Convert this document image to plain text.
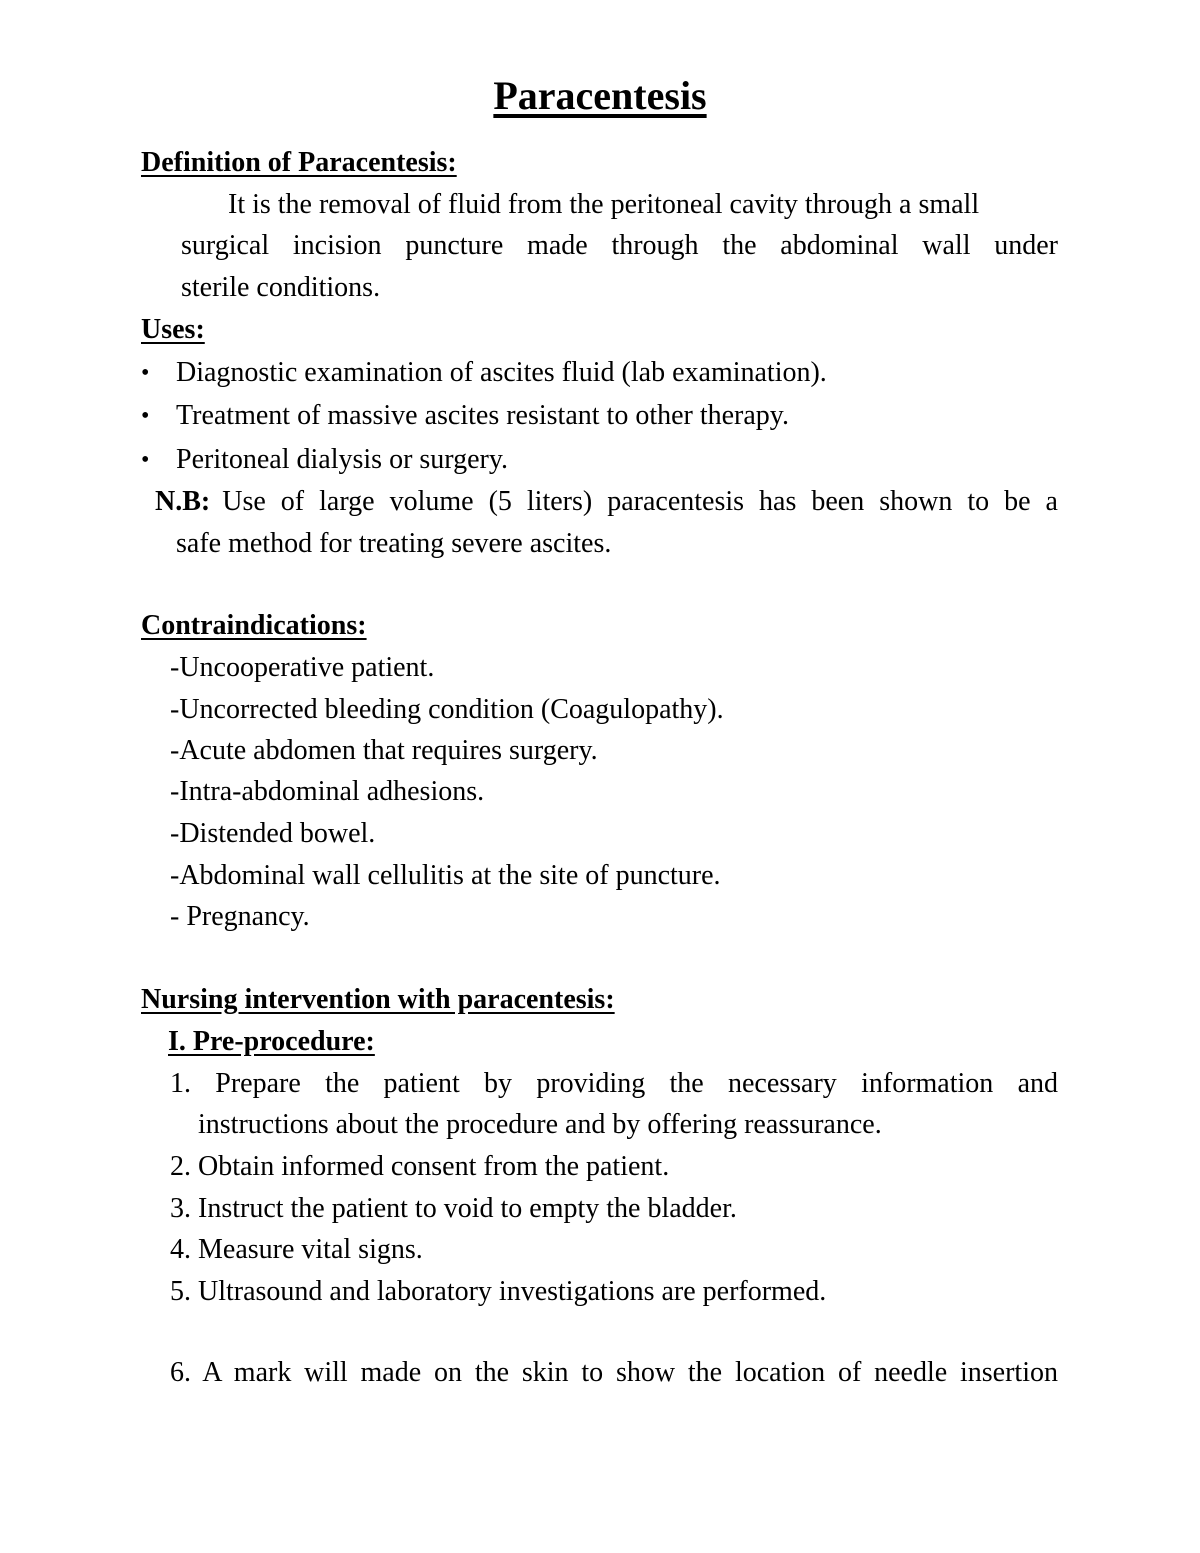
Paracentesis
Definition of Paracentesis:
It is the removal of fluid from the peritoneal cavity through a small
surgical incision puncture made through the abdominal wall under
sterile conditions.
Uses:
• Diagnostic examination of ascites fluid (lab examination).
• Treatment of massive ascites resistant to other therapy.
• Peritoneal dialysis or surgery.
N.B: Use of large volume (5 liters) paracentesis has been shown to be a
safe method for treating severe ascites.
Contraindications:
-Uncooperative patient.
-Uncorrected bleeding condition (Coagulopathy).
-Acute abdomen that requires surgery.
-Intra-abdominal adhesions.
-Distended bowel.
-Abdominal wall cellulitis at the site of puncture.
- Pregnancy.
Nursing intervention with paracentesis:
I. Pre-procedure:
1. Prepare the patient by providing the necessary information and
instructions about the procedure and by offering reassurance.
2. Obtain informed consent from the patient.
3. Instruct the patient to void to empty the bladder.
4. Measure vital signs.
5. Ultrasound and laboratory investigations are performed.
6. A mark will made on the skin to show the location of needle insertion
